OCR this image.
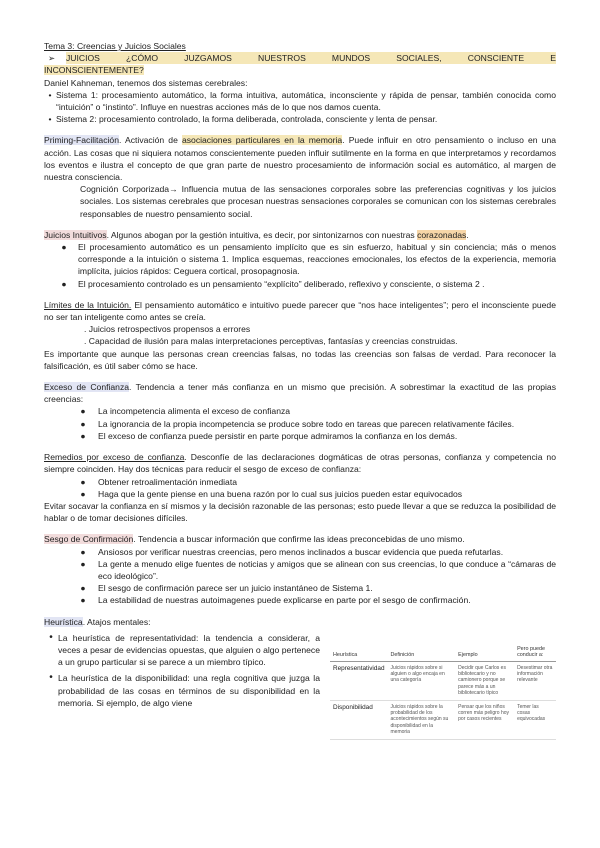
Tema 3: Creencias y Juicios Sociales

➢	JUICIOS ¿CÓMO JUZGAMOS NUESTROS MUNDOS SOCIALES, CONSCIENTE E
INCONSCIENTEMENTE?

Daniel Kahneman, tenemos dos sistemas cerebrales:

• Sistema 1: procesamiento automático, la forma intuitiva, automática, inconsciente y rápida de pensar, también conocida como “intuición” o “instinto”. Influye en nuestras acciones más de lo que nos damos cuenta.
• Sistema 2: procesamiento controlado, la forma deliberada, controlada, consciente y lenta de pensar.

Priming-Facilitación. Activación de asociaciones particulares en la memoria. Puede influir en otro pensamiento o incluso en una acción. Las cosas que ni siquiera notamos conscientemente pueden influir sutilmente en la forma en que interpretamos y recordamos los eventos e ilustra el concepto de que gran parte de nuestro procesamiento de información social es automático, al margen de nuestra consciencia.

Cognición Corporizada→ Influencia mutua de las sensaciones corporales sobre las preferencias cognitivas y los juicios sociales. Los sistemas cerebrales que procesan nuestras sensaciones corporales se comunican con los sistemas cerebrales responsables de nuestro pensamiento social.

Juicios Intuitivos. Algunos abogan por la gestión intuitiva, es decir, por sintonizarnos con nuestras corazonadas.

●	El procesamiento automático es un pensamiento implícito que es sin esfuerzo, habitual y sin conciencia; más o menos corresponde a la intuición o sistema 1. Implica esquemas, reacciones emocionales, los efectos de la experiencia, memoria implícita, juicios rápidos: Ceguera cortical, prosopagnosia.
●	El procesamiento controlado es un pensamiento “explícito” deliberado, reflexivo y consciente, o sistema 2 .

Límites de la Intuición. El pensamiento automático e intuitivo puede parecer que “nos hace inteligentes”; pero el inconsciente puede no ser tan inteligente como antes se creía.

. Juicios retrospectivos propensos a errores

. Capacidad de ilusión para malas interpretaciones perceptivas, fantasías y creencias construidas.

Es importante que aunque las personas crean creencias falsas, no todas las creencias son falsas de verdad. Para reconocer la falsificación, es útil saber cómo se hace.

Exceso de Confianza. Tendencia a tener más confianza en un mismo que precisión. A sobrestimar la exactitud de las propias creencias:

●	La incompetencia alimenta el exceso de confianza
●	La ignorancia de la propia incompetencia se produce sobre todo en tareas que parecen relativamente fáciles.
●	El exceso de confianza puede persistir en parte porque admiramos la confianza en los demás.

Remedios por exceso de confianza. Desconfíe de las declaraciones dogmáticas de otras personas, confianza y competencia no siempre coinciden. Hay dos técnicas para reducir el sesgo de exceso de confianza:

●	Obtener retroalimentación inmediata
●	Haga que la gente piense en una buena razón por lo cual sus juicios pueden estar equivocados

Evitar socavar la confianza en sí mismos y la decisión razonable de las personas; esto puede llevar a que se reduzca la posibilidad de hablar o de tomar decisiones difíciles.

Sesgo de Confirmación. Tendencia a buscar información que confirme las ideas preconcebidas de uno mismo.

●	Ansiosos por verificar nuestras creencias, pero menos inclinados a buscar evidencia que pueda refutarlas.
●	La gente a menudo elige fuentes de noticias y amigos que se alinean con sus creencias, lo que conduce a “cámaras de eco ideológico”.
●	El sesgo de confirmación parece ser un juicio instantáneo de Sistema 1.
●	La estabilidad de nuestras autoimagenes puede explicarse en parte por el sesgo de confirmación.

Heurística. Atajos mentales:

• La heurística de representatividad: la tendencia a considerar, a veces a pesar de evidencias opuestas, que alguien o algo pertenece a un grupo particular si se parece a un miembro típico.
• La heurística de la disponibilidad: una regla cognitiva que juzga la probabilidad de las cosas en términos de su disponibilidad en la memoria. Si ejemplo, de algo viene
Heurística	Definición	Ejemplo	Pero puede conducir a:
Representatividad	Juicios rápidos sobre si alguien o algo encaja en una categoría	Decidir que Carlos es bibliotecario y no camionero porque se parece más a un bibliotecario típico	Desestimar otra información relevante
Disponibilidad	Juicios rápidos sobre la probabilidad de los acontecimientos según su disponibilidad en la memoria	Pensar que los niños corren más peligro hoy por casos recientes	Temer las cosas equivocadas
